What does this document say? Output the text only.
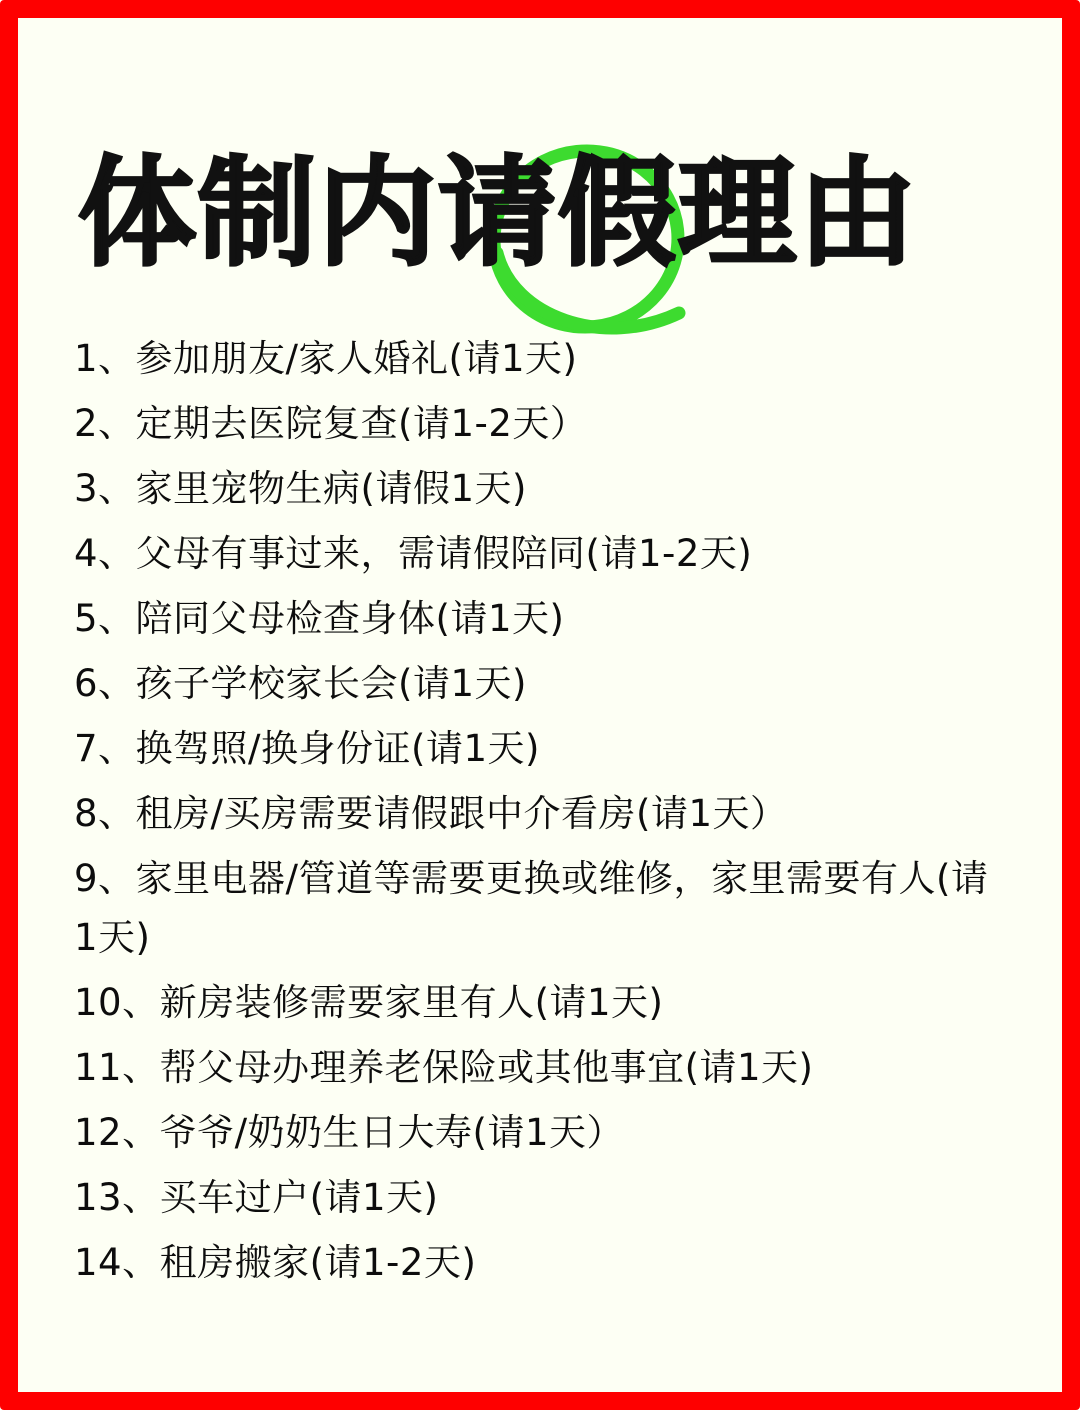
体制内请假理由
1、参加朋友/家人婚礼(请1天)
2、定期去医院复查(请1-2天）
3、家里宠物生病(请假1天)
4、父母有事过来，需请假陪同(请1-2天)
5、陪同父母检查身体(请1天)
6、孩子学校家长会(请1天)
7、换驾照/换身份证(请1天)
8、租房/买房需要请假跟中介看房(请1天）
9、家里电器/管道等需要更换或维修，家里需要有人(请1天)
10、新房装修需要家里有人(请1天)
11、帮父母办理养老保险或其他事宜(请1天)
12、爷爷/奶奶生日大寿(请1天）
13、买车过户(请1天)
14、租房搬家(请1-2天)
